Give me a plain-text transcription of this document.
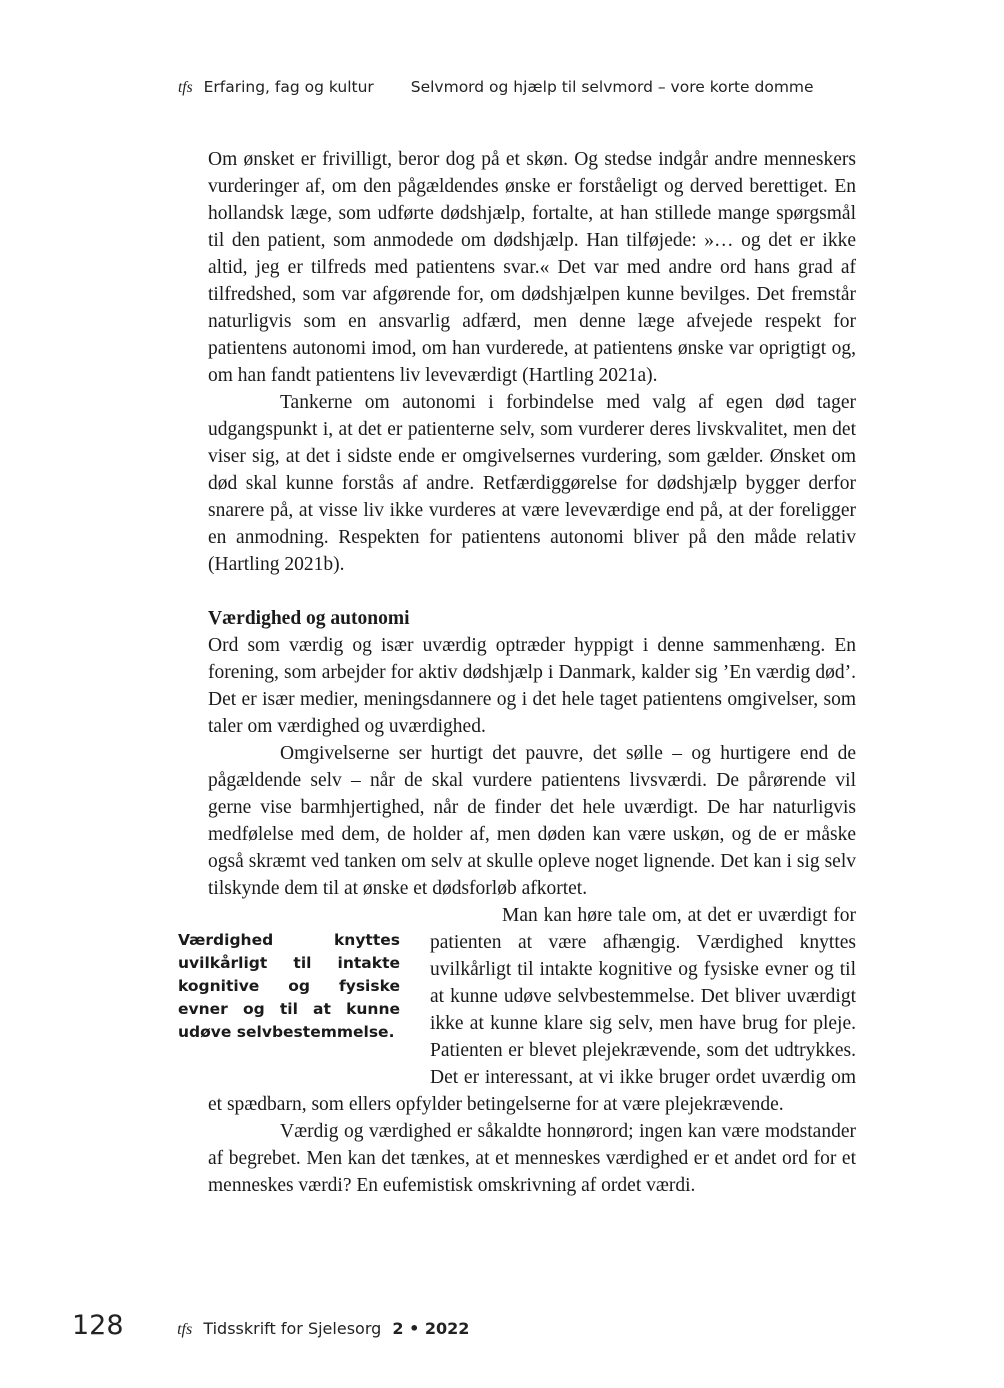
tfs Erfaring, fag og kultur Selvmord og hjælp til selvmord – vore korte domme

Om ønsket er frivilligt, beror dog på et skøn. Og stedse indgår andre menneskers vurderinger af, om den pågældendes ønske er forståeligt og derved berettiget. En hollandsk læge, som udførte dødshjælp, fortalte, at han stillede mange spørgsmål til den patient, som anmodede om dødshjælp. Han tilføjede: »… og det er ikke altid, jeg er tilfreds med patientens svar.« Det var med andre ord hans grad af tilfredshed, som var afgørende for, om dødshjælpen kunne bevilges. Det fremstår naturligvis som en ansvarlig adfærd, men denne læge afvejede respekt for patientens autonomi imod, om han vurderede, at patientens ønske var oprigtigt og, om han fandt patientens liv leveværdigt (Hartling 2021a).

Tankerne om autonomi i forbindelse med valg af egen død tager udgangspunkt i, at det er patienterne selv, som vurderer deres livskvalitet, men det viser sig, at det i sidste ende er omgivelsernes vurdering, som gælder. Ønsket om død skal kunne forstås af andre. Retfærdiggørelse for dødshjælp bygger derfor snarere på, at visse liv ikke vurderes at være leveværdige end på, at der foreligger en anmodning. Respekten for patientens autonomi bliver på den måde relativ (Hartling 2021b).

Værdighed og autonomi

Ord som værdig og især uværdig optræder hyppigt i denne sammenhæng. En forening, som arbejder for aktiv dødshjælp i Danmark, kalder sig ’En værdig død’. Det er især medier, meningsdannere og i det hele taget patientens omgivelser, som taler om værdighed og uværdighed.

Omgivelserne ser hurtigt det pauvre, det sølle – og hurtigere end de pågældende selv – når de skal vurdere patientens livsværdi. De pårørende vil gerne vise barmhjertighed, når de finder det hele uværdigt. De har naturligvis medfølelse med dem, de holder af, men døden kan være uskøn, og de er måske også skræmt ved tanken om selv at skulle opleve noget lignende. Det kan i sig selv tilskynde dem til at ønske et dødsforløb afkortet.

Værdighed knyttes uvilkårligt til intakte kognitive og fysiske evner og til at kunne udøve selvbestemmelse.

Man kan høre tale om, at det er uværdigt for patienten at være afhængig. Værdighed knyttes uvilkårligt til intakte kognitive og fysiske evner og til at kunne udøve selvbestemmelse. Det bliver uværdigt ikke at kunne klare sig selv, men have brug for pleje. Patienten er blevet plejekrævende, som det udtrykkes. Det er interessant, at vi ikke bruger ordet uværdig om et spædbarn, som ellers opfylder betingelserne for at være plejekrævende.

Værdig og værdighed er såkaldte honnørord; ingen kan være modstander af begrebet. Men kan det tænkes, at et menneskes værdighed er et andet ord for et menneskes værdi? En eufemistisk omskrivning af ordet værdi.

128	tfs Tidsskrift for Sjelesorg 2 • 2022
